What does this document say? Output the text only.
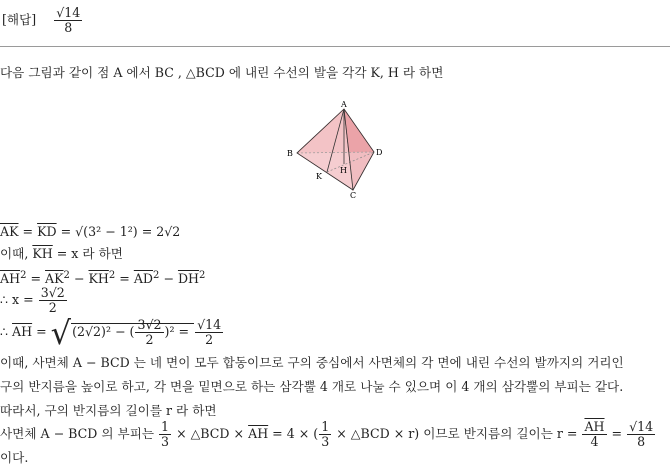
[해답] $\frac{√14}{8}$
다음 그림과 같이 점 A 에서 BC , △BCD 에 내린 수선의 발을 각각 K, H 라 하면
A
B
C
D
K
H
$\overline{AK} = \overline{KD} = √(3^2 - 1^2) = 2√2$
이때, $\overline{KH} = x$ 라 하면
$\overline{AH}^2 = \overline{AK}^2 - \overline{KH}^2 = \overline{AD}^2 - \overline{DH}^2$
∴ $x = \frac{3√2}{2}$
∴ $\overline{AH} = √(2√2)^2$ − ( $\frac{3√2}{2} )^2 = \frac{√14}{2}$
이때, 사면체 A − BCD 는 네 면이 모두 합동이므로 구의 중심에서 사면체의 각 면에 내린 수선의 발까지의 거리인
구의 반지름을 높이로 하고, 각 면을 밑면으로 하는 삼각뿔 4 개로 나눌 수 있으며 이 4 개의 삼각뿔의 부피는 같다.
따라서, 구의 반지름의 길이를 r 라 하면
사면체 A − BCD 의 부피는 $\frac{1}{3}$ × △BCD × $\overline{AH} = 4$ × ( $\frac{1}{3}$ × △BCD × r) 이므로 반지름의 길이는 $r = \frac{\overline{AH}}{4} = \frac{√14}{8}$
이다.
